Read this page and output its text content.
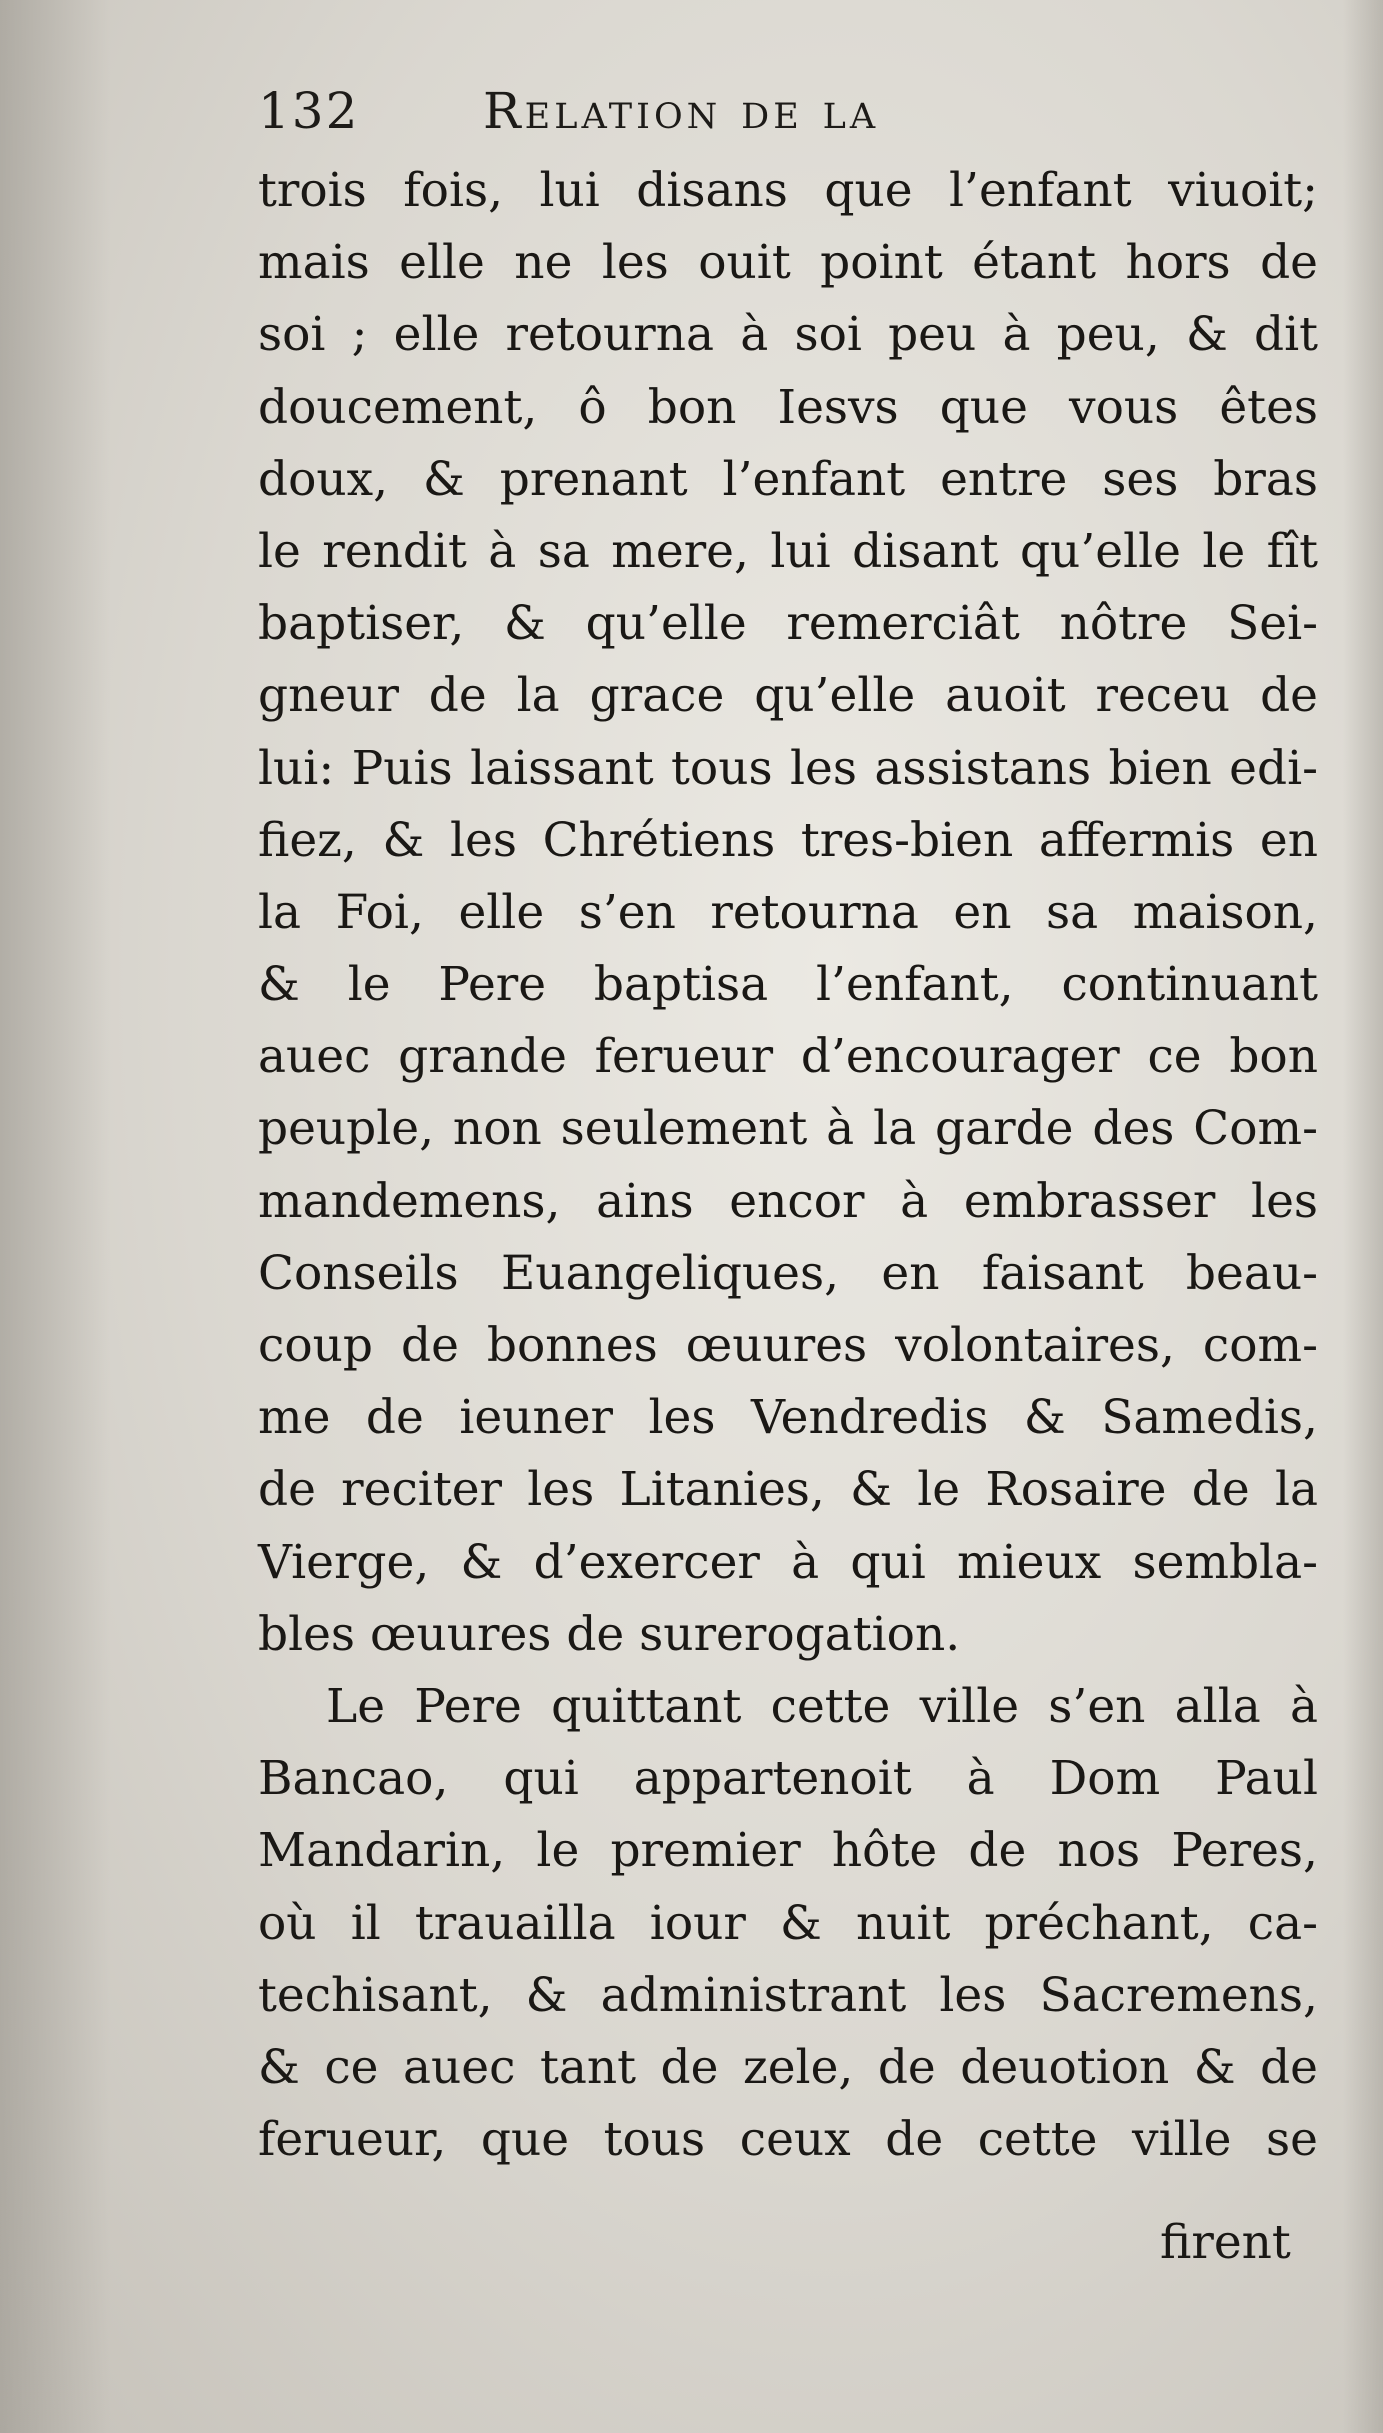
132 Relation de la
trois fois, lui disans que l’enfant viuoit;
mais elle ne les ouit point étant hors de
soi ; elle retourna à soi peu à peu, & dit
doucement, ô bon Iesvs que vous êtes
doux, & prenant l’enfant entre ses bras
le rendit à sa mere, lui disant qu’elle le fît
baptiser, & qu’elle remerciât nôtre Sei-
gneur de la grace qu’elle auoit receu de
lui: Puis laissant tous les assistans bien edi-
fiez, & les Chrétiens tres-bien affermis en
la Foi, elle s’en retourna en sa maison,
& le Pere baptisa l’enfant, continuant
auec grande ferueur d’encourager ce bon
peuple, non seulement à la garde des Com-
mandemens, ains encor à embrasser les
Conseils Euangeliques, en faisant beau-
coup de bonnes œuures volontaires, com-
me de ieuner les Vendredis & Samedis,
de reciter les Litanies, & le Rosaire de la
Vierge, & d’exercer à qui mieux sembla-
bles œuures de surerogation.
Le Pere quittant cette ville s’en alla à
Bancao, qui appartenoit à Dom Paul
Mandarin, le premier hôte de nos Peres,
où il trauailla iour & nuit préchant, ca-
techisant, & administrant les Sacremens,
& ce auec tant de zele, de deuotion & de
ferueur, que tous ceux de cette ville se
firent
